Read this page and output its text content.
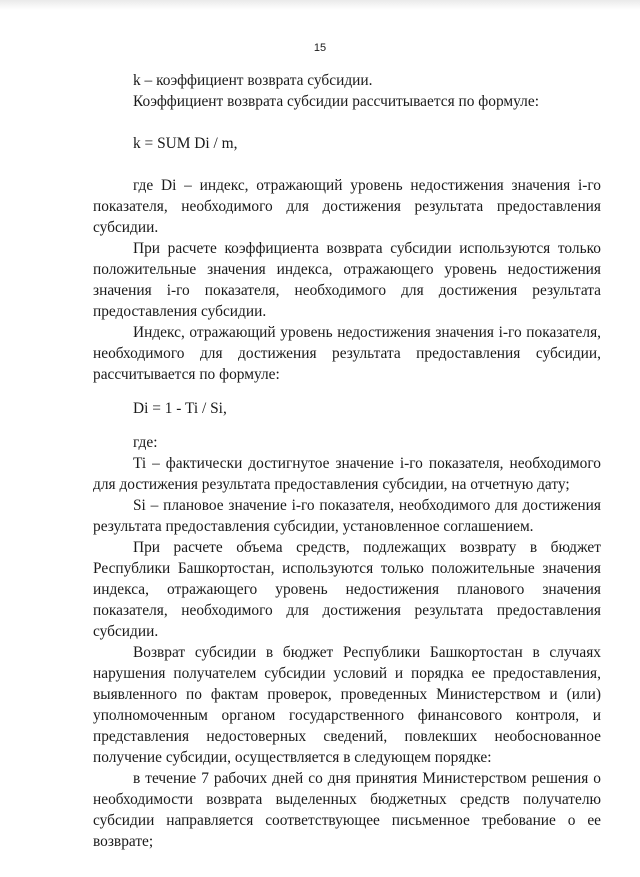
15

k – коэффициент возврата субсидии.

Коэффициент возврата субсидии рассчитывается по формуле:

k = SUM Di / m,

где Di – индекс, отражающий уровень недостижения значения i-го показателя, необходимого для достижения результата предоставления субсидии.

При расчете коэффициента возврата субсидии используются только положительные значения индекса, отражающего уровень недостижения значения i-го показателя, необходимого для достижения результата предоставления субсидии.

Индекс, отражающий уровень недостижения значения i-го показателя, необходимого для достижения результата предоставления субсидии, рассчитывается по формуле:

Di = 1 - Ti / Si,

где:

Ti – фактически достигнутое значение i-го показателя, необходимого для достижения результата предоставления субсидии, на отчетную дату;

Si – плановое значение i-го показателя, необходимого для достижения результата предоставления субсидии, установленное соглашением.

При расчете объема средств, подлежащих возврату в бюджет Республики Башкортостан, используются только положительные значения индекса, отражающего уровень недостижения планового значения показателя, необходимого для достижения результата предоставления субсидии.

Возврат субсидии в бюджет Республики Башкортостан в случаях нарушения получателем субсидии условий и порядка ее предоставления, выявленного по фактам проверок, проведенных Министерством и (или) уполномоченным органом государственного финансового контроля, и представления недостоверных сведений, повлекших необоснованное получение субсидии, осуществляется в следующем порядке:

в течение 7 рабочих дней со дня принятия Министерством решения о необходимости возврата выделенных бюджетных средств получателю субсидии направляется соответствующее письменное требование о ее возврате;
